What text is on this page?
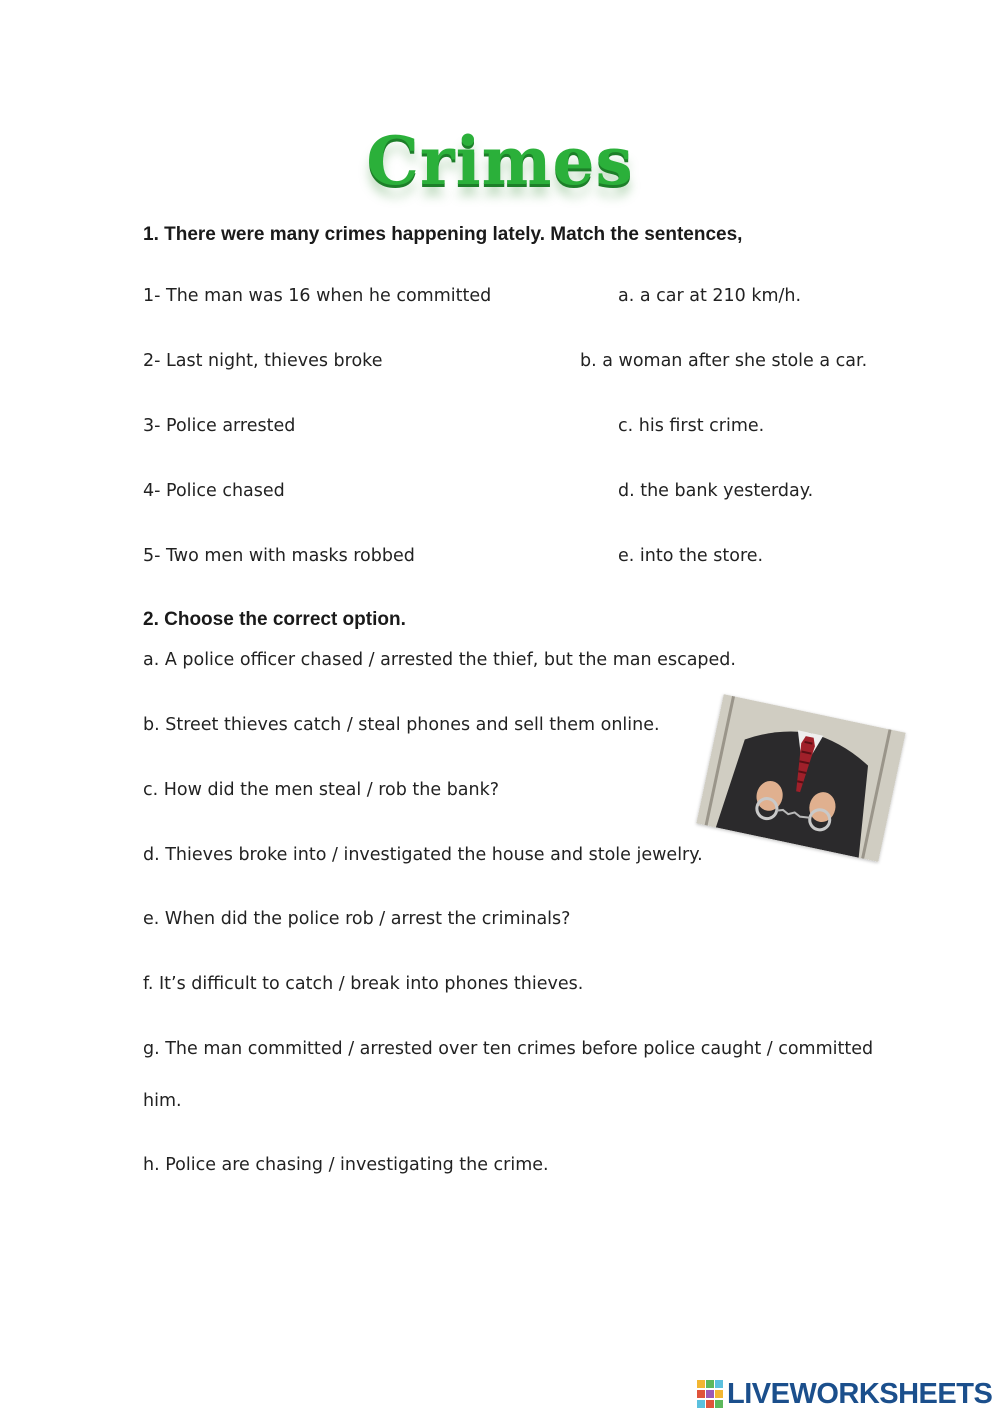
Crimes
1. There were many crimes happening lately. Match the sentences,
1- The man was 16 when he committed
2- Last night, thieves broke
3- Police arrested
4- Police chased
5- Two men with masks robbed
a. a car at 210 km/h.
b. a woman after she stole a car.
c. his first crime.
d. the bank yesterday.
e. into the store.
2. Choose the correct option.
a. A police officer chased / arrested the thief, but the man escaped.
b. Street thieves catch / steal phones and sell them online.
c. How did the men steal / rob the bank?
d. Thieves broke into / investigated the house and stole jewelry.
e. When did the police rob / arrest the criminals?
f. It’s difficult to catch / break into phones thieves.
g. The man committed / arrested over ten crimes before police caught / committed
him.
h. Police are chasing / investigating the crime.
LIVEWORKSHEETS
